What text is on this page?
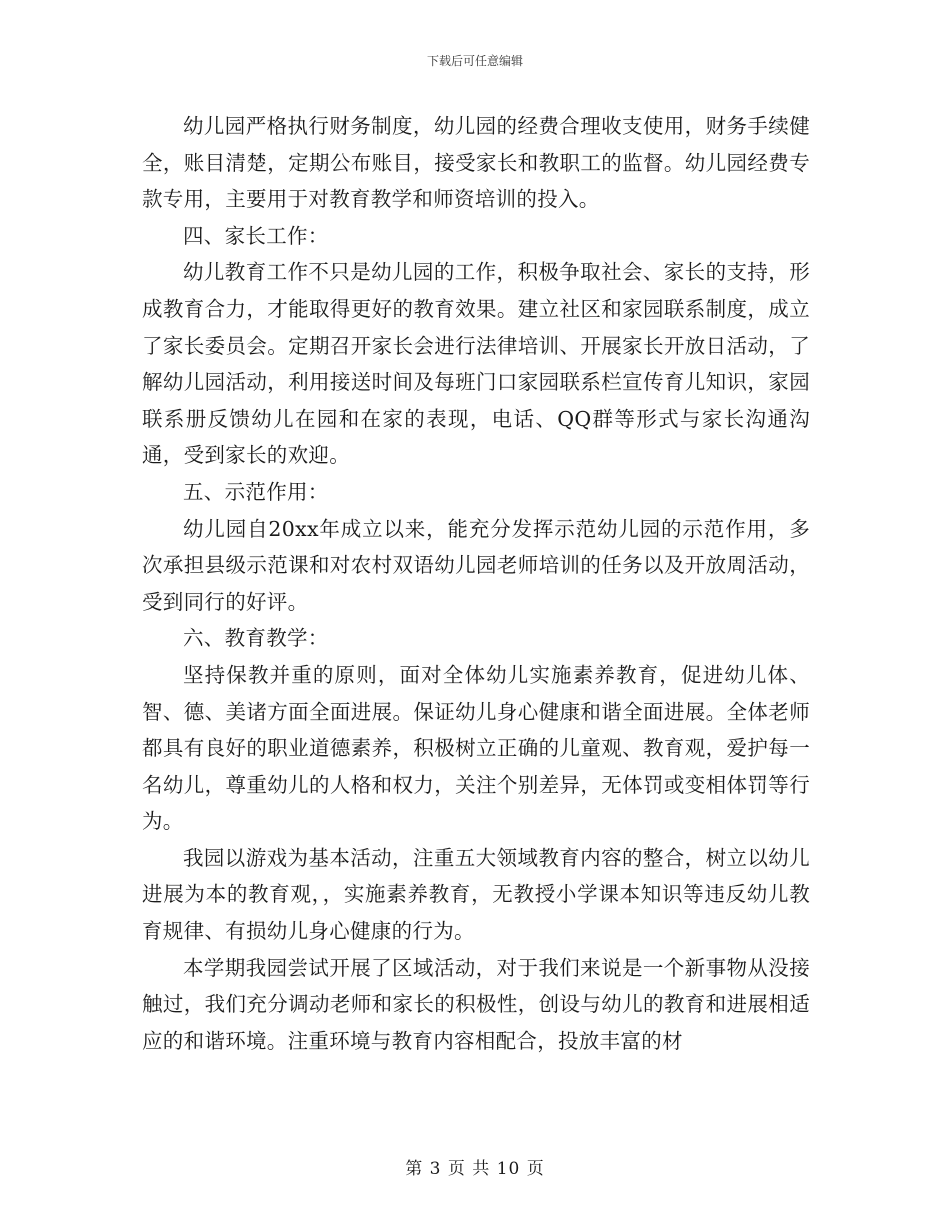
下载后可任意编辑

幼儿园严格执行财务制度，幼儿园的经费合理收支使用，财务手续健全，账目清楚，定期公布账目，接受家长和教职工的监督。幼儿园经费专款专用，主要用于对教育教学和师资培训的投入。

四、家长工作：

幼儿教育工作不只是幼儿园的工作，积极争取社会、家长的支持，形成教育合力，才能取得更好的教育效果。建立社区和家园联系制度，成立了家长委员会。定期召开家长会进行法律培训、开展家长开放日活动，了解幼儿园活动，利用接送时间及每班门口家园联系栏宣传育儿知识，家园联系册反馈幼儿在园和在家的表现，电话、QQ群等形式与家长沟通沟通，受到家长的欢迎。

五、示范作用：

幼儿园自20xx年成立以来，能充分发挥示范幼儿园的示范作用，多次承担县级示范课和对农村双语幼儿园老师培训的任务以及开放周活动，受到同行的好评。

六、教育教学：

坚持保教并重的原则，面对全体幼儿实施素养教育，促进幼儿体、智、德、美诸方面全面进展。保证幼儿身心健康和谐全面进展。全体老师都具有良好的职业道德素养，积极树立正确的儿童观、教育观，爱护每一名幼儿，尊重幼儿的人格和权力，关注个别差异，无体罚或变相体罚等行为。

我园以游戏为基本活动，注重五大领域教育内容的整合，树立以幼儿进展为本的教育观，，实施素养教育，无教授小学课本知识等违反幼儿教育规律、有损幼儿身心健康的行为。

本学期我园尝试开展了区域活动，对于我们来说是一个新事物从没接触过，我们充分调动老师和家长的积极性，创设与幼儿的教育和进展相适应的和谐环境。注重环境与教育内容相配合，投放丰富的材

第 3 页 共 10 页
